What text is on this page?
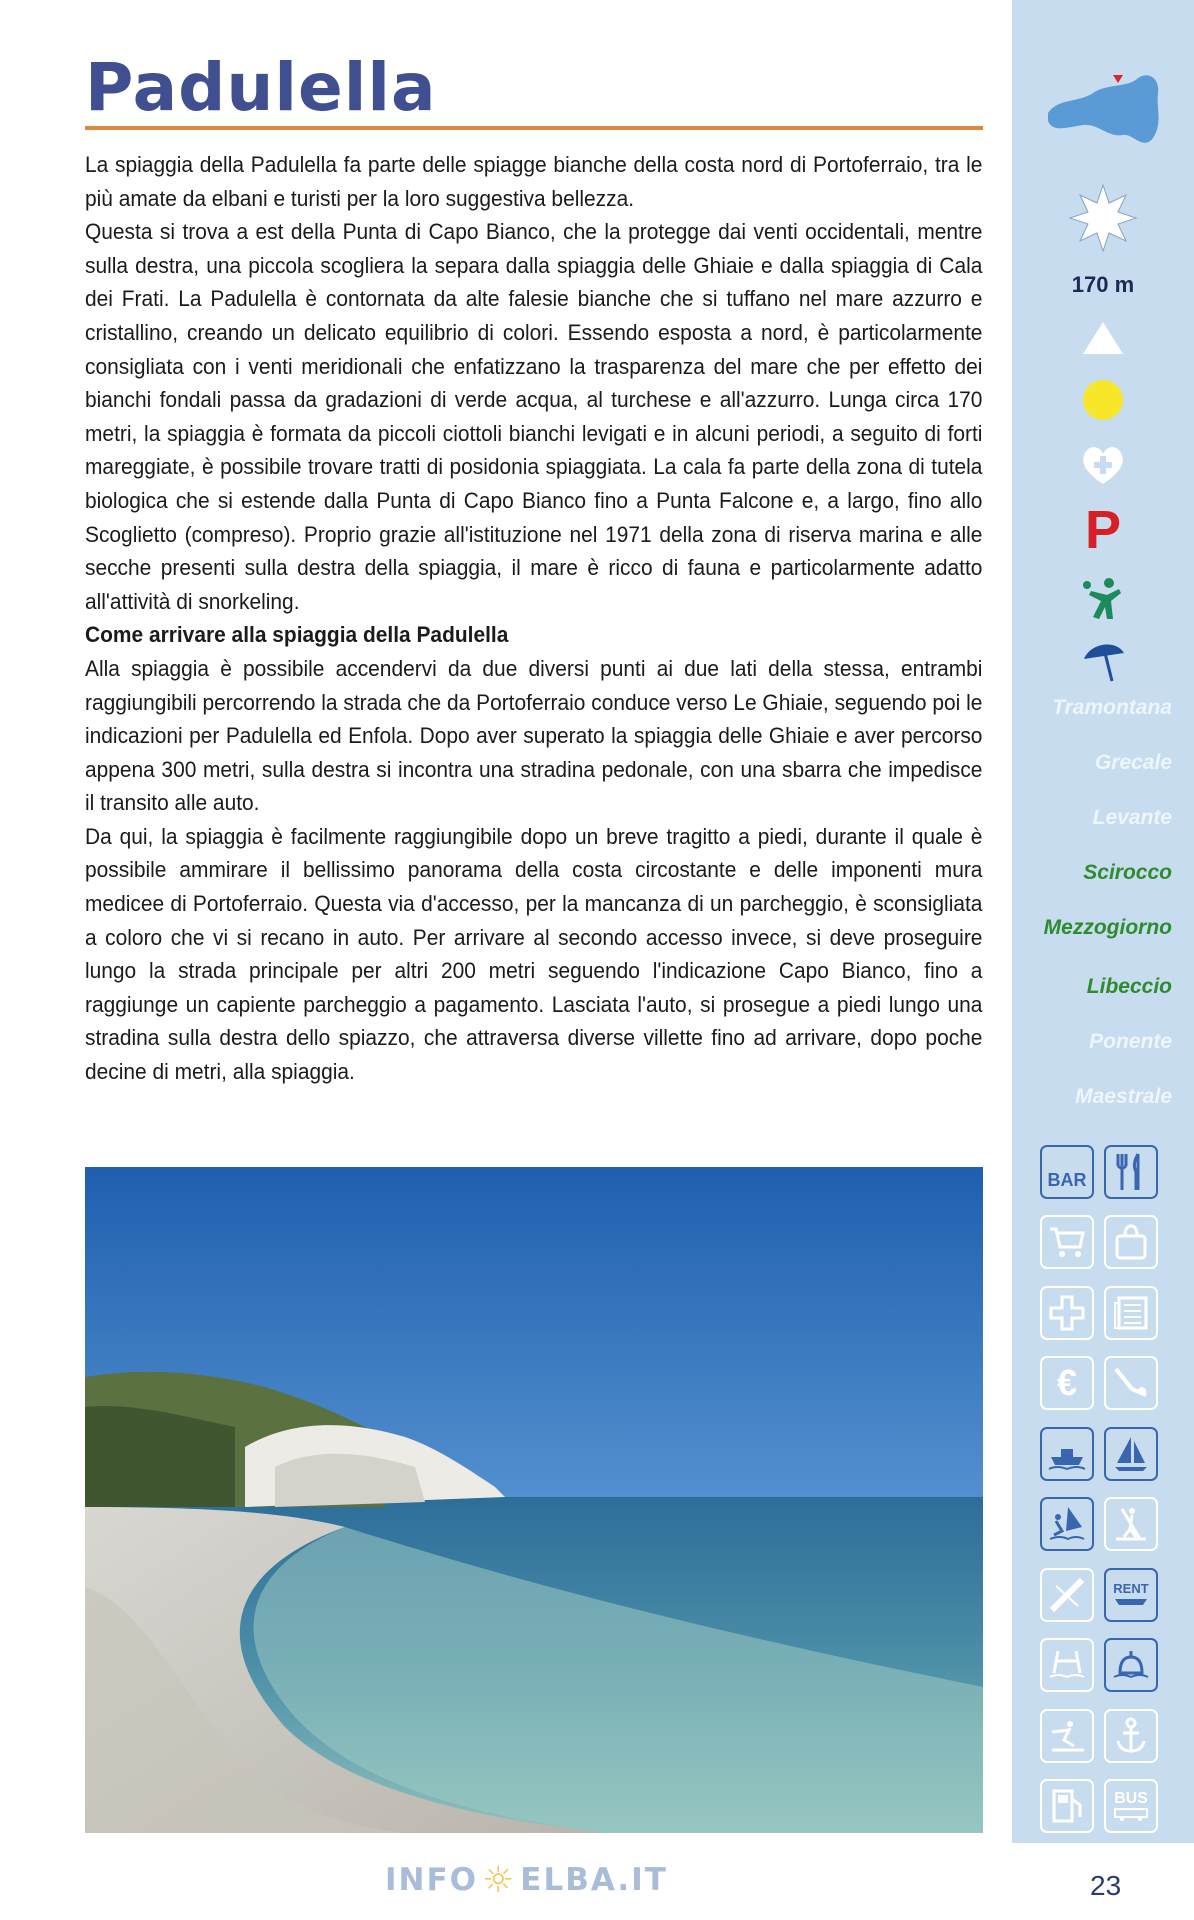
Padulella

La spiaggia della Padulella fa parte delle spiagge bianche della costa nord di Portoferraio, tra le più amate da elbani e turisti per la loro suggestiva bellezza.

Questa si trova a est della Punta di Capo Bianco, che la protegge dai venti occidentali, mentre sulla destra, una piccola scogliera la separa dalla spiaggia delle Ghiaie e dalla spiaggia di Cala dei Frati. La Padulella è contornata da alte falesie bianche che si tuffano nel mare azzurro e cristallino, creando un delicato equilibrio di colori. Essendo esposta a nord, è particolarmente consigliata con i venti meridionali che enfatizzano la trasparenza del mare che per effetto dei bianchi fondali passa da gradazioni di verde acqua, al turchese e all'azzurro. Lunga circa 170 metri, la spiaggia è formata da piccoli ciottoli bianchi levigati e in alcuni periodi, a seguito di forti mareggiate, è possibile trovare tratti di posidonia spiaggiata. La cala fa parte della zona di tutela biologica che si estende dalla Punta di Capo Bianco fino a Punta Falcone e, a largo, fino allo Scoglietto (compreso). Proprio grazie all'istituzione nel 1971 della zona di riserva marina e alle secche presenti sulla destra della spiaggia, il mare è ricco di fauna e particolarmente adatto all'attività di snorkeling.

Come arrivare alla spiaggia della Padulella

Alla spiaggia è possibile accendervi da due diversi punti ai due lati della stessa, entrambi raggiungibili percorrendo la strada che da Portoferraio conduce verso Le Ghiaie, seguendo poi le indicazioni per Padulella ed Enfola. Dopo aver superato la spiaggia delle Ghiaie e aver percorso appena 300 metri, sulla destra si incontra una stradina pedonale, con una sbarra che impedisce il transito alle auto.

Da qui, la spiaggia è facilmente raggiungibile dopo un breve tragitto a piedi, durante il quale è possibile ammirare il bellissimo panorama della costa circostante e delle imponenti mura medicee di Portoferraio. Questa via d'accesso, per la mancanza di un parcheggio, è sconsigliata a coloro che vi si recano in auto. Per arrivare al secondo accesso invece, si deve proseguire lungo la strada principale per altri 200 metri seguendo l'indicazione Capo Bianco, fino a raggiunge un capiente parcheggio a pagamento. Lasciata l'auto, si prosegue a piedi lungo una stradina sulla destra dello spiazzo, che attraversa diverse villette fino ad arrivare, dopo poche decine di metri, alla spiaggia.

INFO ☼ ELBA.IT	23
170 m
P
Tramontana
Grecale
Levante
Scirocco
Mezzogiorno
Libeccio
Ponente
Maestrale
BAR
€
RENT
BUS
